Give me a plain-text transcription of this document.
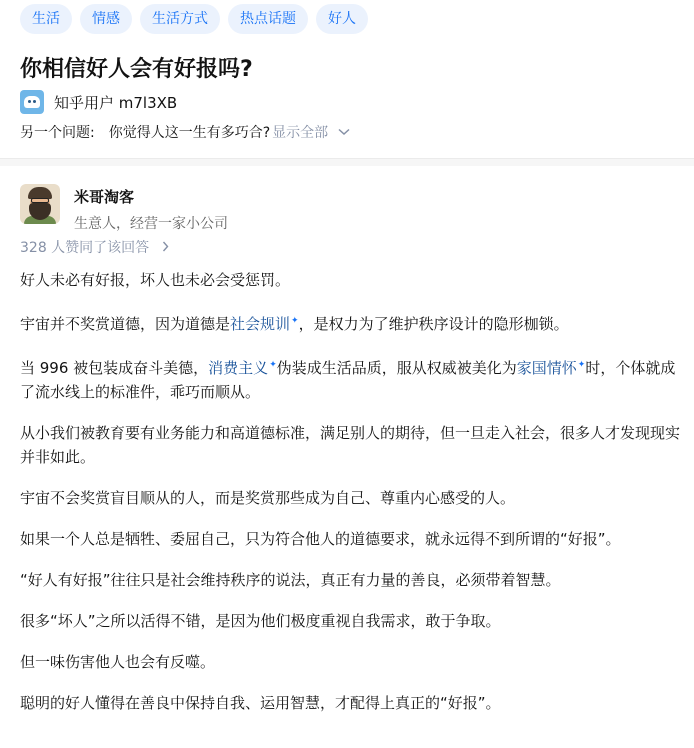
生活	情感	生活方式	热点话题	好人
你相信好人会有好报吗?
知乎用户 m7l3XB
另一个问题: 你觉得人这一生有多巧合? 显示全部
米哥淘客
生意人，经营一家小公司
328 人赞同了该回答

好人未必有好报，坏人也未必会受惩罚。

宇宙并不奖赏道德，因为道德是社会规训✦，是权力为了维护秩序设计的隐形枷锁。

当 996 被包装成奋斗美德，消费主义✦伪装成生活品质，服从权威被美化为家国情怀✦时，个体就成了流水线上的标准件，乖巧而顺从。

从小我们被教育要有业务能力和高道德标准，满足别人的期待，但一旦走入社会，很多人才发现现实并非如此。

宇宙不会奖赏盲目顺从的人，而是奖赏那些成为自己、尊重内心感受的人。

如果一个人总是牺牲、委屈自己，只为符合他人的道德要求，就永远得不到所谓的“好报”。

“好人有好报”往往只是社会维持秩序的说法，真正有力量的善良，必须带着智慧。

很多“坏人”之所以活得不错，是因为他们极度重视自我需求，敢于争取。

但一味伤害他人也会有反噬。

聪明的好人懂得在善良中保持自我、运用智慧，才配得上真正的“好报”。
